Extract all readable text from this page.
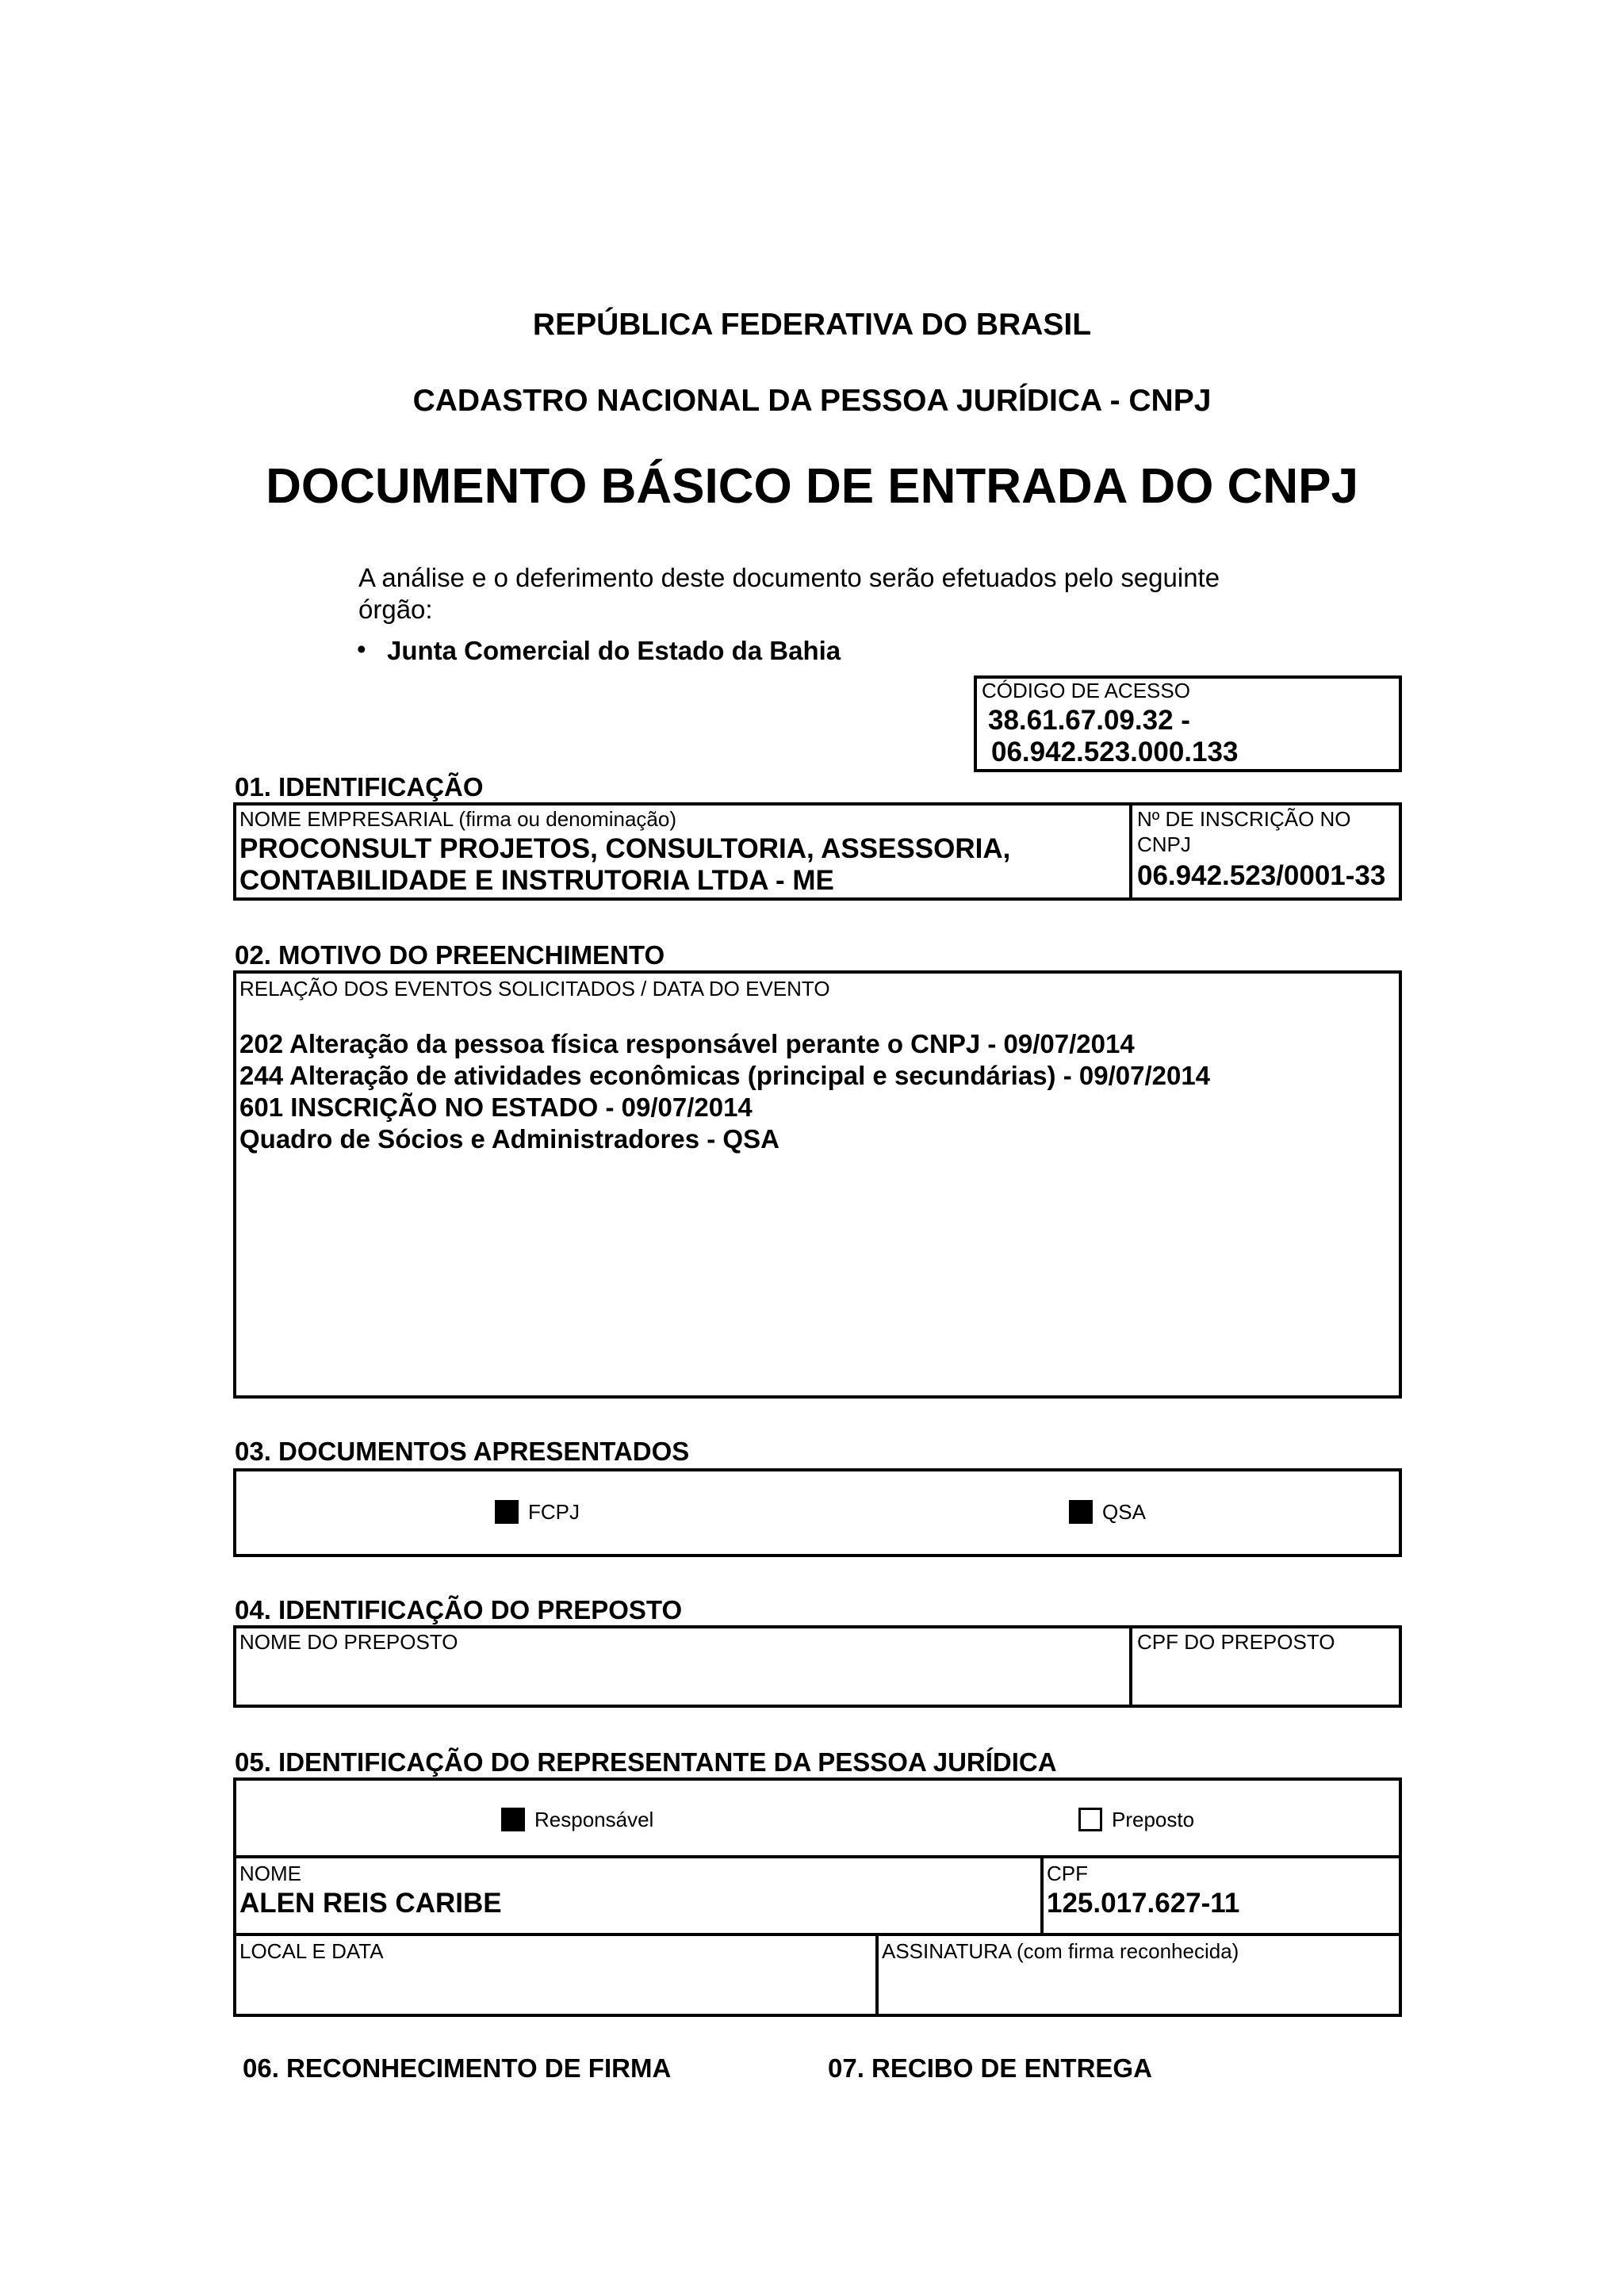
REPÚBLICA FEDERATIVA DO BRASIL
CADASTRO NACIONAL DA PESSOA JURÍDICA - CNPJ
DOCUMENTO BÁSICO DE ENTRADA DO CNPJ
A análise e o deferimento deste documento serão efetuados pelo seguinte
órgão:
• Junta Comercial do Estado da Bahia
CÓDIGO DE ACESSO
38.61.67.09.32 -
06.942.523.000.133
01. IDENTIFICAÇÃO
NOME EMPRESARIAL (firma ou denominação)
PROCONSULT PROJETOS, CONSULTORIA, ASSESSORIA,
CONTABILIDADE E INSTRUTORIA LTDA - ME
Nº DE INSCRIÇÃO NO
CNPJ
06.942.523/0001-33
02. MOTIVO DO PREENCHIMENTO
RELAÇÃO DOS EVENTOS SOLICITADOS / DATA DO EVENTO
202 Alteração da pessoa física responsável perante o CNPJ - 09/07/2014
244 Alteração de atividades econômicas (principal e secundárias) - 09/07/2014
601 INSCRIÇÃO NO ESTADO - 09/07/2014
Quadro de Sócios e Administradores - QSA
03. DOCUMENTOS APRESENTADOS
FCPJ	QSA
04. IDENTIFICAÇÃO DO PREPOSTO
NOME DO PREPOSTO	CPF DO PREPOSTO
05. IDENTIFICAÇÃO DO REPRESENTANTE DA PESSOA JURÍDICA
Responsável	Preposto
NOME
ALEN REIS CARIBE
CPF
125.017.627-11
LOCAL E DATA	ASSINATURA (com firma reconhecida)
06. RECONHECIMENTO DE FIRMA	07. RECIBO DE ENTREGA
